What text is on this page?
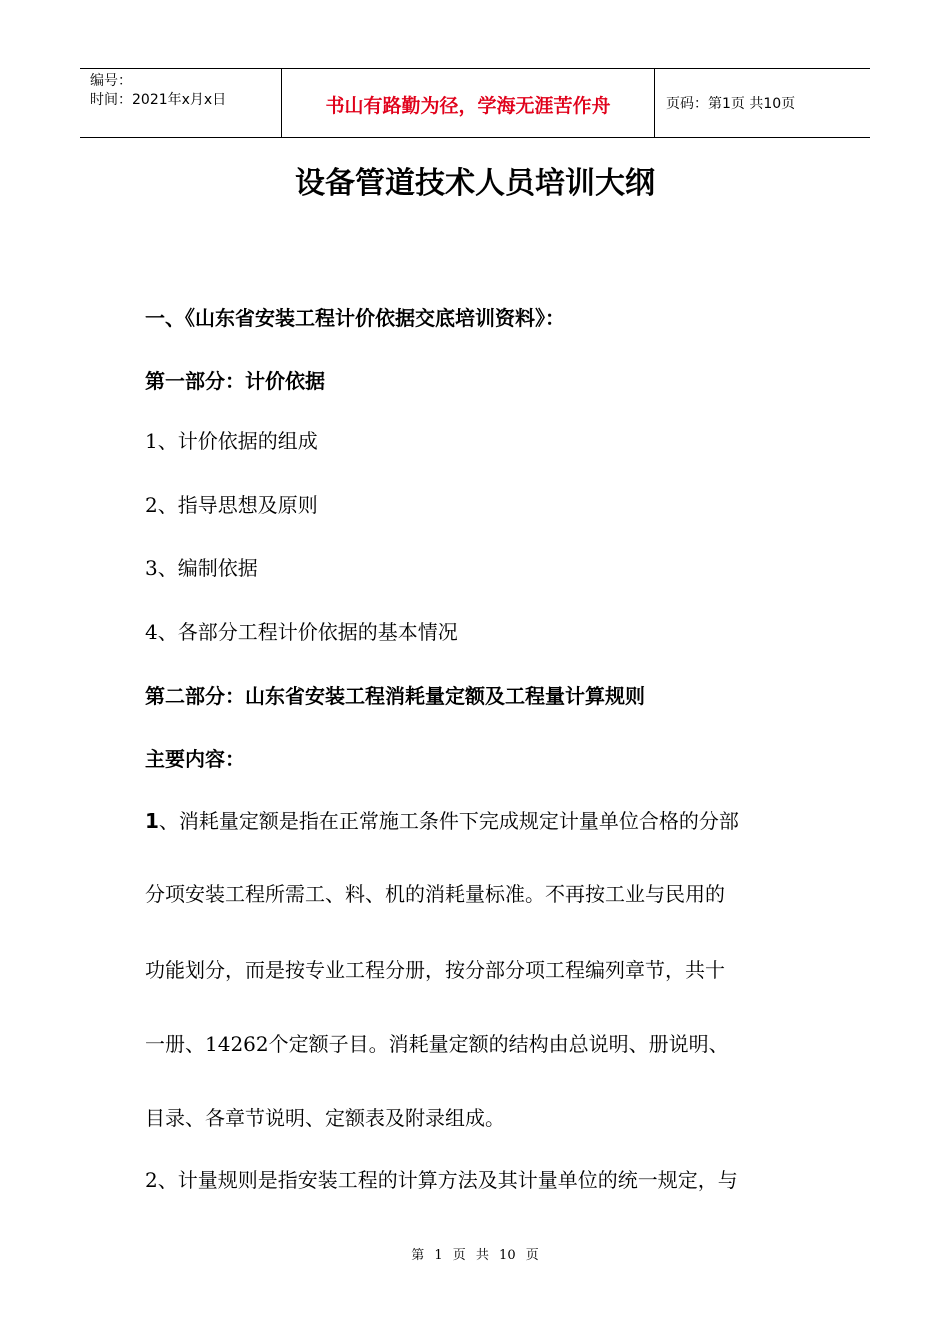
编号：
时间：2021年x月x日	书山有路勤为径，学海无涯苦作舟	页码：第1页 共10页
设备管道技术人员培训大纲
一、《山东省安装工程计价依据交底培训资料》：
第一部分：计价依据
1、计价依据的组成
2、指导思想及原则
3、编制依据
4、各部分工程计价依据的基本情况
第二部分：山东省安装工程消耗量定额及工程量计算规则
主要内容：
1、消耗量定额是指在正常施工条件下完成规定计量单位合格的分部
分项安装工程所需工、料、机的消耗量标准。不再按工业与民用的
功能划分，而是按专业工程分册，按分部分项工程编列章节，共十
一册、14262个定额子目。消耗量定额的结构由总说明、册说明、
目录、各章节说明、定额表及附录组成。
2、计量规则是指安装工程的计算方法及其计量单位的统一规定，与
第 1 页 共 10 页
